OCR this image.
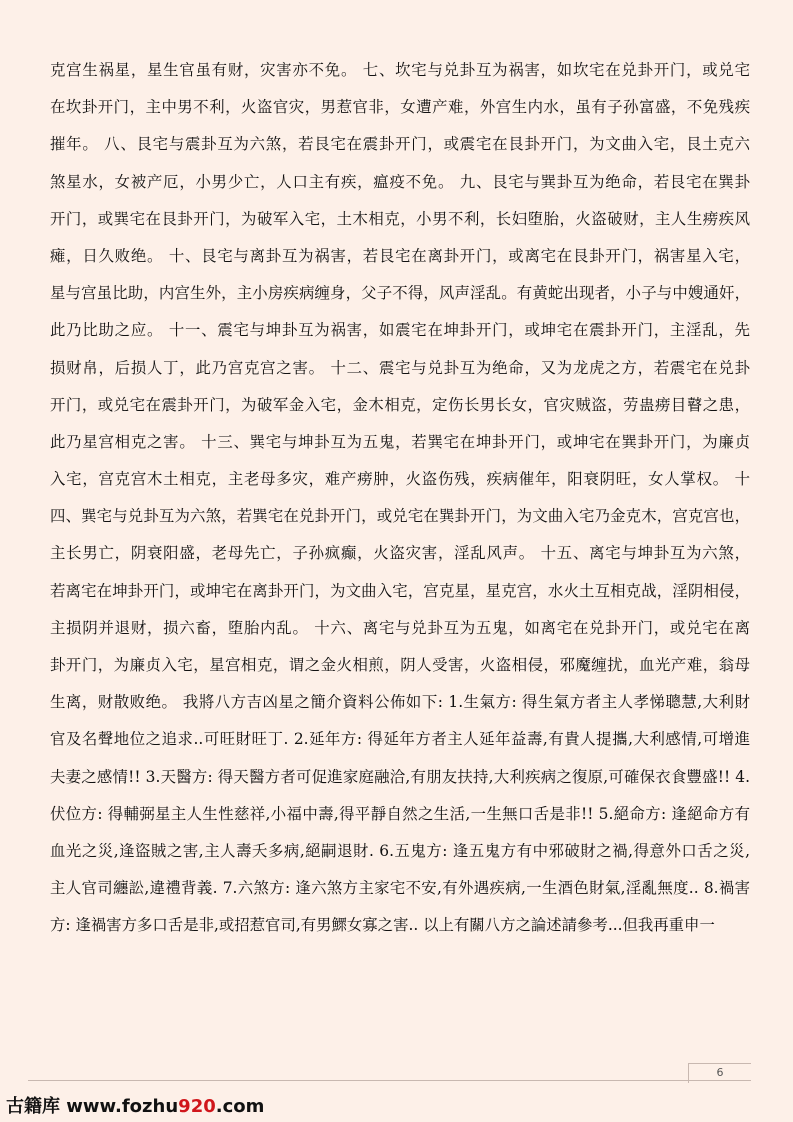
克宫生祸星，星生官虽有财，灾害亦不免。 七、坎宅与兑卦互为祸害，如坎宅在兑卦开门，或兑宅
在坎卦开门，主中男不利，火盗官灾，男惹官非，女遭产难，外宫生内水，虽有子孙富盛，不免残疾
摧年。 八、艮宅与震卦互为六煞，若艮宅在震卦开门，或震宅在艮卦开门，为文曲入宅，艮土克六
煞星水，女被产厄，小男少亡，人口主有疾，瘟疫不免。 九、艮宅与巽卦互为绝命，若艮宅在巽卦
开门，或巽宅在艮卦开门，为破军入宅，土木相克，小男不利，长妇堕胎，火盗破财，主人生痨疾风
瘫，日久败绝。 十、艮宅与离卦互为祸害，若艮宅在离卦开门，或离宅在艮卦开门，祸害星入宅，
星与宫虽比助，内宫生外，主小房疾病缠身，父子不得，风声淫乱。有黄蛇出现者，小子与中嫂通奸，
此乃比助之应。 十一、震宅与坤卦互为祸害，如震宅在坤卦开门，或坤宅在震卦开门，主淫乱，先
损财帛，后损人丁，此乃宫克宫之害。 十二、震宅与兑卦互为绝命，又为龙虎之方，若震宅在兑卦
开门，或兑宅在震卦开门，为破军金入宅，金木相克，定伤长男长女，官灾贼盗，劳蛊痨目瞽之患，
此乃星宫相克之害。 十三、巽宅与坤卦互为五鬼，若巽宅在坤卦开门，或坤宅在巽卦开门，为廉贞
入宅，宫克宫木土相克，主老母多灾，难产痨肿，火盗伤残，疾病催年，阳衰阴旺，女人掌权。 十
四、巽宅与兑卦互为六煞，若巽宅在兑卦开门，或兑宅在巽卦开门，为文曲入宅乃金克木，宫克宫也，
主长男亡，阴衰阳盛，老母先亡，子孙疯癫，火盗灾害，淫乱风声。 十五、离宅与坤卦互为六煞，
若离宅在坤卦开门，或坤宅在离卦开门，为文曲入宅，宫克星，星克宫，水火土互相克战，淫阴相侵，
主损阴并退财，损六畜，堕胎内乱。 十六、离宅与兑卦互为五鬼，如离宅在兑卦开门，或兑宅在离
卦开门，为廉贞入宅，星宫相克，谓之金火相煎，阴人受害，火盗相侵，邪魔缠扰，血光产难，翁母
生离，财散败绝。 我將八方吉凶星之簡介資料公佈如下: 1.生氣方: 得生氣方者主人孝悌聰慧,大利財
官及名聲地位之追求..可旺財旺丁. 2.延年方: 得延年方者主人延年益壽,有貴人提攜,大利感情,可增進
夫妻之感情!! 3.天醫方: 得天醫方者可促進家庭融洽,有朋友扶持,大利疾病之復原,可確保衣食豐盛!! 4.
伏位方: 得輔弼星主人生性慈祥,小福中壽,得平靜自然之生活,一生無口舌是非!! 5.絕命方: 逢絕命方有
血光之災,逢盜賊之害,主人壽夭多病,絕嗣退財. 6.五鬼方: 逢五鬼方有中邪破財之禍,得意外口舌之災,
主人官司纏訟,違禮背義. 7.六煞方: 逢六煞方主家宅不安,有外遇疾病,一生酒色財氣,淫亂無度.. 8.禍害
方: 逢禍害方多口舌是非,或招惹官司,有男鰥女寡之害.. 以上有關八方之論述請參考...但我再重申一
6
古籍库 www.fozhu920.com
